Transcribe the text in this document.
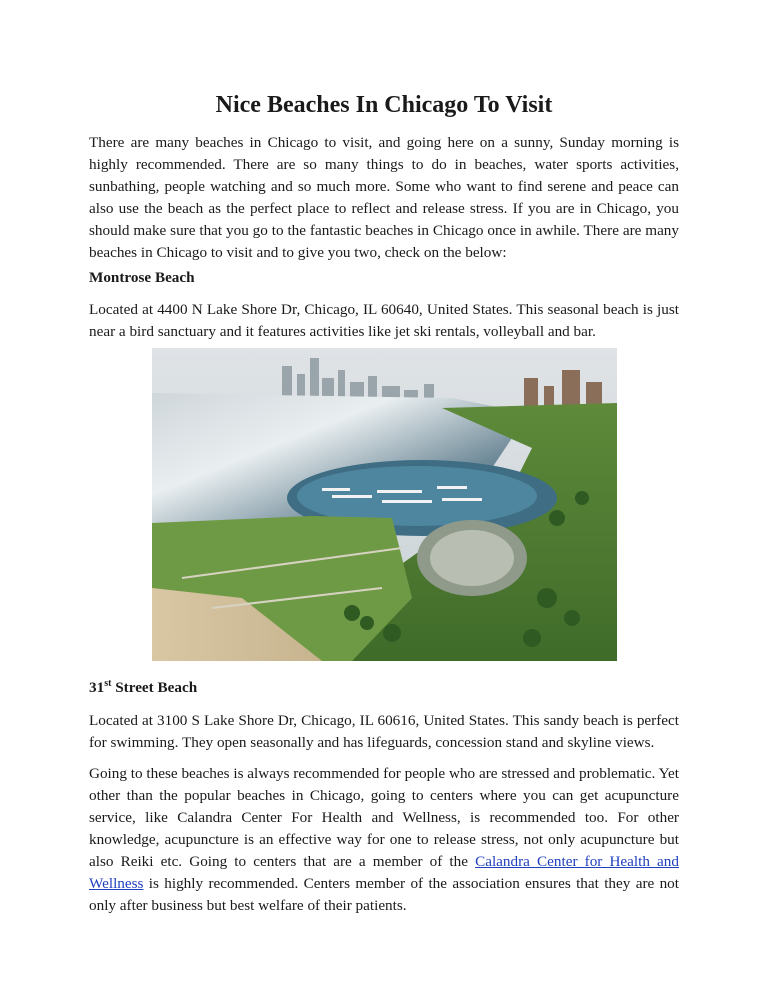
Nice Beaches In Chicago To Visit
There are many beaches in Chicago to visit, and going here on a sunny, Sunday morning is highly recommended. There are so many things to do in beaches, water sports activities, sunbathing, people watching and so much more. Some who want to find serene and peace can also use the beach as the perfect place to reflect and release stress. If you are in Chicago, you should make sure that you go to the fantastic beaches in Chicago once in awhile. There are many beaches in Chicago to visit and to give you two, check on the below:
Montrose Beach
Located at 4400 N Lake Shore Dr, Chicago, IL 60640, United States. This seasonal beach is just near a bird sanctuary and it features activities like jet ski rentals, volleyball and bar.
31st Street Beach
Located at 3100 S Lake Shore Dr, Chicago, IL 60616, United States. This sandy beach is perfect for swimming. They open seasonally and has lifeguards, concession stand and skyline views.
Going to these beaches is always recommended for people who are stressed and problematic. Yet other than the popular beaches in Chicago, going to centers where you can get acupuncture service, like Calandra Center For Health and Wellness, is recommended too. For other knowledge, acupuncture is an effective way for one to release stress, not only acupuncture but also Reiki etc. Going to centers that are a member of the Calandra Center for Health and Wellness is highly recommended. Centers member of the association ensures that they are not only after business but best welfare of their patients.
